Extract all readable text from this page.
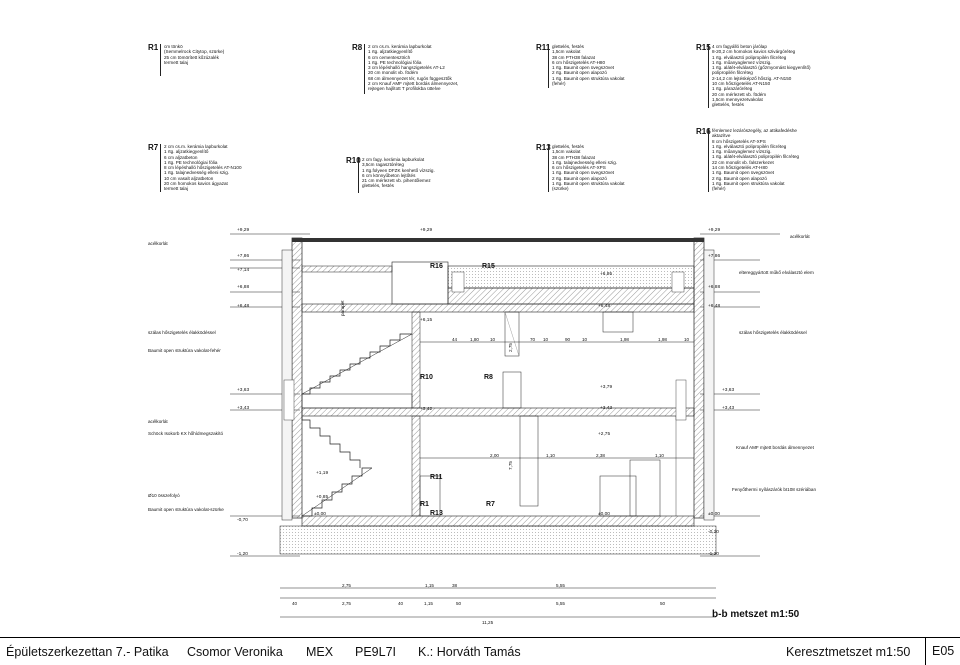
R1 cm tönkö
(Semmelrock Citytop, szürke)
25 cm tömörített kőzúzalék
termett talaj
R8 2 cm cs.m. kerámia lapburkolat
1 rtg. aljzatkiegyenlítő
6 cm cementesztrich
1 rtg. PE technológiai fólia
3 cm lépéshalló hangszigetelés AT-L2
20 cm monolit vb. födém
68 cm álmennyezet tér, rugós függesztők
2 cm Knauf AMF mjtett bordás álmennyezet,
rejtegen hajlított T profilokba üttelve
R11 glettelés, festés
1,5cm vakolat
38 cm PTH38 falazat
6 cm hőszigetelés AT-H80
1 rtg. Baumit open üvegszövet
2 rtg. Baumit open alapozó
1 rtg. Baumit open struktúra vakolat
(fehér)
R15 4 cm fagyálló beton járólap
8-20,2 cm homokos kavics szivárgóréteg
1 rtg. elválasztó polipropilén filcréteg
1 rtg. műanyaglemez vízszig.
1 rtg. alátét-elválasztó (gőzmyomást kiegyenlítő)
polipropilén filcréteg
2-14,2 cm lejtésképző hőszig. AT-N150
10 cm hőszigetelés AT-N150
1 rtg. párazáróréteg
20 cm mérlezett vb. födém
1,5cm mennyezetvakolat
glettelés, festés
R7 2 cm cs.m. kerámia lapburkolat
1 rtg. aljzatkiegyenlítő
6 cm aljzatbeton
1 rtg. PE technológiai fólia
8 cm lépéshalló hőszigetelés AT-N100
1 rtg. talajnedvesség elleni szig.
10 cm vasalt aljzatbeton
20 cm homokos kavics ágyazat
termett talaj
R10 2 cm fagy. kerámia lapburkolat
3,5cm ragasztóréteg
1 rtg.folyeen DFZK kenhető vízszig.
6 cm könnyűbeton lejtőtés
21 cm mérlezett vb. pihentőlemez
glettelés, festés
R13 glettelés, festés
1,5cm vakolat
38 cm PTH38 falazat
1 rtg. talajnedvesség elleni szig.
6 cm hőszigetelés AT-XPS
1 rtg. Baumit open üvegszövet
2 rtg. Baumit open alapozó
1 rtg. Baumit open struktúra vakolat
(szürke)
R16 fémlemez lezárószegély, az attikafedéshe
aktazítve
8 cm hőszigetelés AT-XPS
1 rtg. elválasztó polipropilén filcréteg
1 rtg. műanyaglemez vízszig.
1 rtg. alátét-elválasztó polipropilén filcréteg
22 cm monolit vb. falszerkezet
14 cm hőszigetelés AT-H80
1 rtg. Baumit open üvegszövet
2 rtg. Baumit open alapozó
1 rtg. Baumit open struktúra vakolat
(fehér)
+9,29	+9,29	+9,29
+7,86	+7,86
+7,14
+6,95
+6,88	+6,88
+6,48
+6,15
+6,48	+6,48
+3,63
+3,79
+3,63
+3,43	+3,42	+3,43	+3,43
+2,75
+1,19
+0,85
±0,00	±0,00	±0,00
-0,70
-0,20
-1,20	-1,20
acélkorlát
acélkorlát
eltereggyártott műkő elválasztó elem
szálas hőszigetelés élakködéssel	szálas hőszigetelés élakködéssel
Baumit open struktúra vakolat-fehér
acélkorlát
Schöck Isokorb KX hőhídmegszakító
Knauf AMF mjtett bordás álmennyezet
Fenyőthermi nyílászárók bI108 szériában
Ø10 összefolyó
Baumit open struktúra vakolat-szürke
parapet
R16	R15
R10	R8
R11
R1
R13
R7
44	1,80 10	70 10	90	10	1,98	1,98	10
2,00	1,10	2,38	1,10
7,75
2,75
2,75	1,15	38	5,55
40	2,75	40	1,15	50	5,55	50
11,25
b-b metszet m1:50
Épületszerkezettan 7.- Patika Csomor Veronika MEX PE9L7I K.: Horváth Tamás	Keresztmetszet m1:50	E05
